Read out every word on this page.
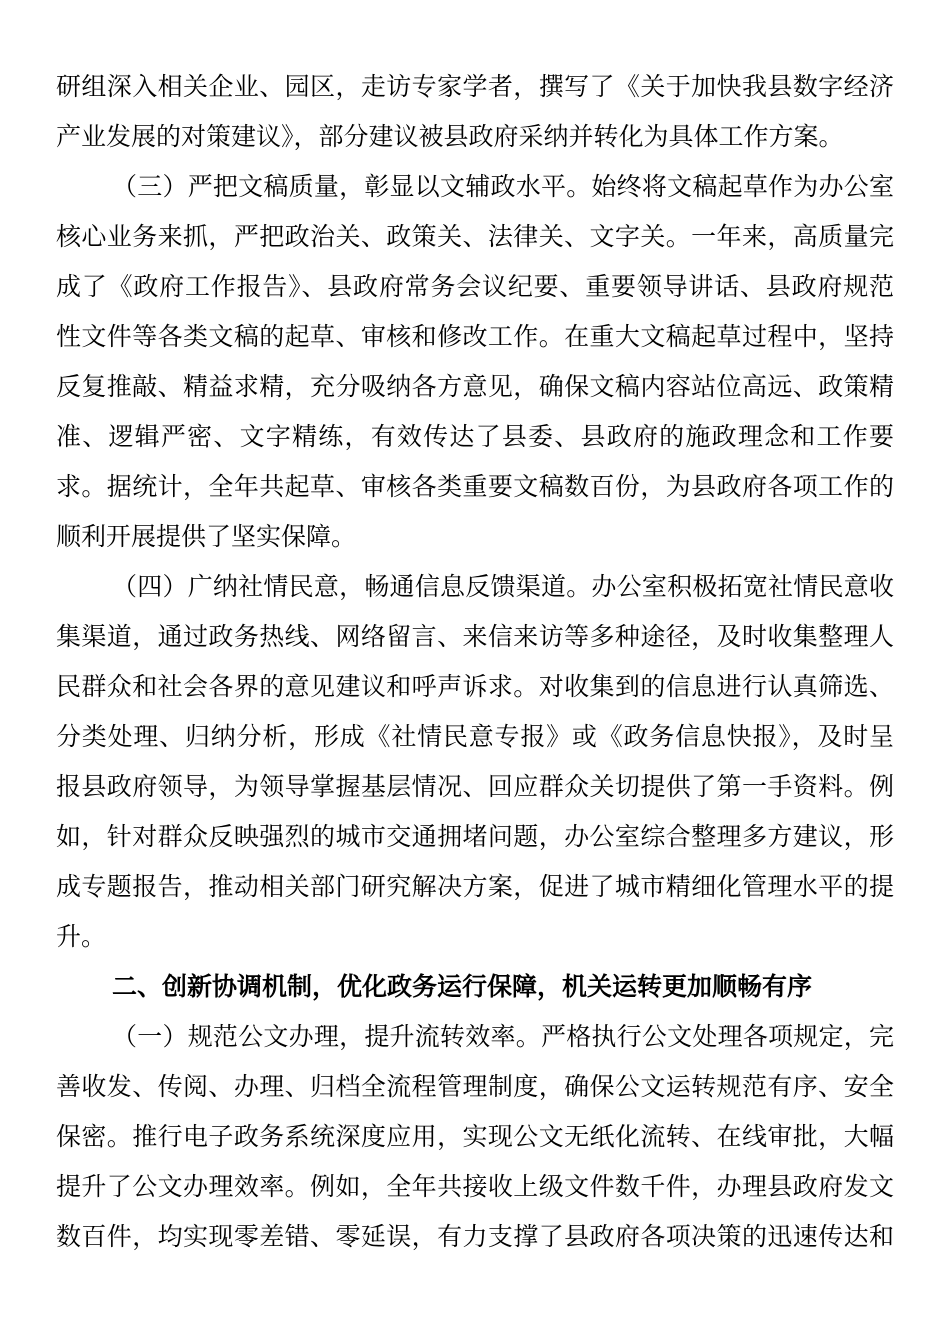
研组深入相关企业、园区，走访专家学者，撰写了《关于加快我县数字经济
产业发展的对策建议》，部分建议被县政府采纳并转化为具体工作方案。
（三）严把文稿质量，彰显以文辅政水平。始终将文稿起草作为办公室
核心业务来抓，严把政治关、政策关、法律关、文字关。一年来，高质量完
成了《政府工作报告》、县政府常务会议纪要、重要领导讲话、县政府规范
性文件等各类文稿的起草、审核和修改工作。在重大文稿起草过程中，坚持
反复推敲、精益求精，充分吸纳各方意见，确保文稿内容站位高远、政策精
准、逻辑严密、文字精练，有效传达了县委、县政府的施政理念和工作要
求。据统计，全年共起草、审核各类重要文稿数百份，为县政府各项工作的
顺利开展提供了坚实保障。
（四）广纳社情民意，畅通信息反馈渠道。办公室积极拓宽社情民意收
集渠道，通过政务热线、网络留言、来信来访等多种途径，及时收集整理人
民群众和社会各界的意见建议和呼声诉求。对收集到的信息进行认真筛选、
分类处理、归纳分析，形成《社情民意专报》或《政务信息快报》，及时呈
报县政府领导，为领导掌握基层情况、回应群众关切提供了第一手资料。例
如，针对群众反映强烈的城市交通拥堵问题，办公室综合整理多方建议，形
成专题报告，推动相关部门研究解决方案，促进了城市精细化管理水平的提
升。
二、创新协调机制，优化政务运行保障，机关运转更加顺畅有序
（一）规范公文办理，提升流转效率。严格执行公文处理各项规定，完
善收发、传阅、办理、归档全流程管理制度，确保公文运转规范有序、安全
保密。推行电子政务系统深度应用，实现公文无纸化流转、在线审批，大幅
提升了公文办理效率。例如，全年共接收上级文件数千件，办理县政府发文
数百件，均实现零差错、零延误，有力支撑了县政府各项决策的迅速传达和
